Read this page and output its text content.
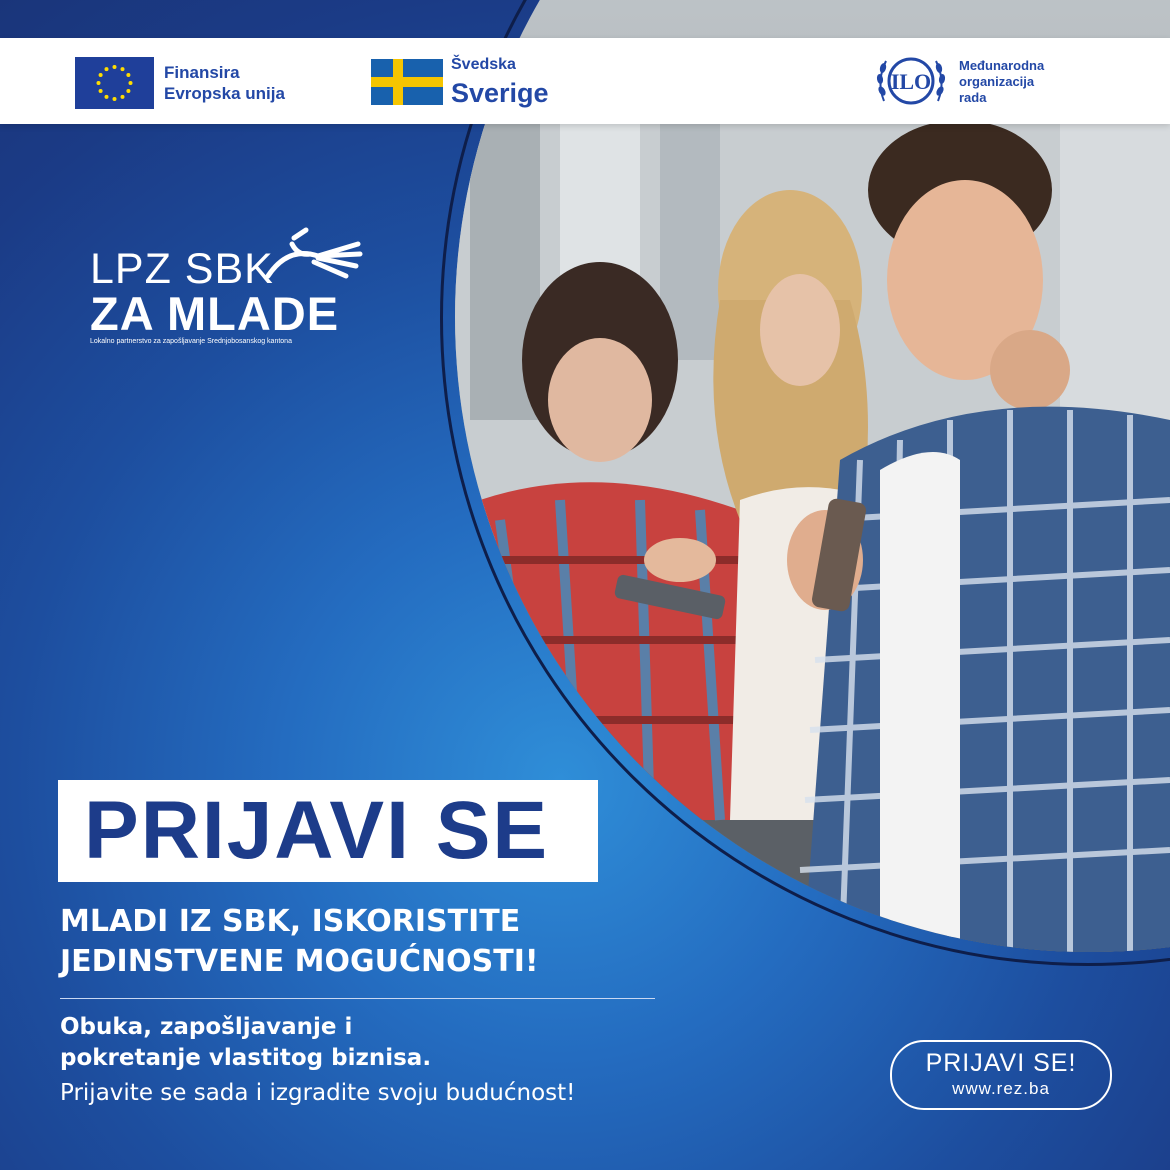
Finansira
Evropska unija
Švedska
Sverige	ILO
Međunarodna
organizacija
rada
LPZ SBK
ZA MLADE
Lokalno partnerstvo za zapošljavanje Srednjobosanskog kantona
PRIJAVI SE
MLADI IZ SBK, ISKORISTITE
JEDINSTVENE MOGUĆNOSTI!
Obuka, zapošljavanje i
pokretanje vlastitog biznisa.
Prijavite se sada i izgradite svoju budućnost!
PRIJAVI SE!
www.rez.ba
